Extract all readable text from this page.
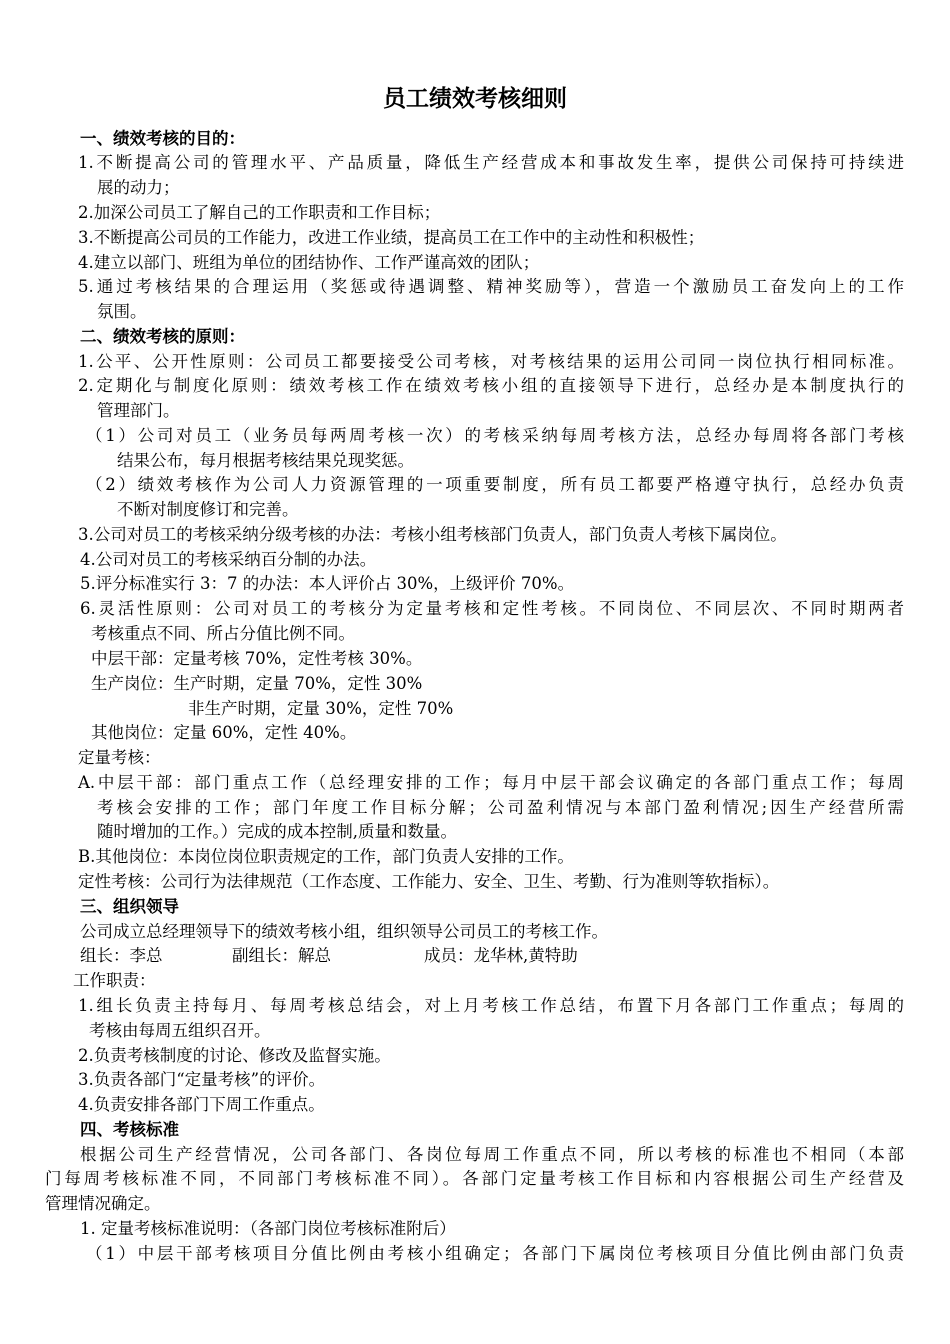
员工绩效考核细则
一、绩效考核的目的：
1.不断提高公司的管理水平、产品质量，降低生产经营成本和事故发生率，提供公司保持可持续进
展的动力；
2.加深公司员工了解自己的工作职责和工作目标；
3.不断提高公司员的工作能力，改进工作业绩，提高员工在工作中的主动性和积极性；
4.建立以部门、班组为单位的团结协作、工作严谨高效的团队；
5.通过考核结果的合理运用（奖惩或待遇调整、精神奖励等），营造一个激励员工奋发向上的工作
氛围。
二、绩效考核的原则：
1.公平、公开性原则：公司员工都要接受公司考核，对考核结果的运用公司同一岗位执行相同标准。
2.定期化与制度化原则：绩效考核工作在绩效考核小组的直接领导下进行，总经办是本制度执行的
管理部门。
（1）公司对员工（业务员每两周考核一次）的考核采纳每周考核方法，总经办每周将各部门考核
结果公布，每月根据考核结果兑现奖惩。
（2）绩效考核作为公司人力资源管理的一项重要制度，所有员工都要严格遵守执行，总经办负责
不断对制度修订和完善。
3.公司对员工的考核采纳分级考核的办法：考核小组考核部门负责人，部门负责人考核下属岗位。
4.公司对员工的考核采纳百分制的办法。
5.评分标准实行 3：7 的办法：本人评价占 30%，上级评价 70%。
6.灵活性原则：公司对员工的考核分为定量考核和定性考核。不同岗位、不同层次、不同时期两者
考核重点不同、所占分值比例不同。
中层干部：定量考核 70%，定性考核 30%。
生产岗位：生产时期，定量 70%，定性 30%
非生产时期，定量 30%，定性 70%
其他岗位：定量 60%，定性 40%。
定量考核：
A.中层干部：部门重点工作（总经理安排的工作；每月中层干部会议确定的各部门重点工作；每周
考核会安排的工作；部门年度工作目标分解；公司盈利情况与本部门盈利情况;因生产经营所需
随时增加的工作。）完成的成本控制,质量和数量。
B.其他岗位：本岗位岗位职责规定的工作，部门负责人安排的工作。
定性考核：公司行为法律规范（工作态度、工作能力、安全、卫生、考勤、行为准则等软指标）。
三、组织领导
公司成立总经理领导下的绩效考核小组，组织领导公司员工的考核工作。
组长：李总	副组长：解总	成员：龙华林,黄特助
工作职责：
1.组长负责主持每月、每周考核总结会，对上月考核工作总结，布置下月各部门工作重点；每周的
考核由每周五组织召开。
2.负责考核制度的讨论、修改及监督实施。
3.负责各部门“定量考核”的评价。
4.负责安排各部门下周工作重点。
四、考核标准
根据公司生产经营情况，公司各部门、各岗位每周工作重点不同，所以考核的标准也不相同（本部
门每周考核标准不同，不同部门考核标准不同）。各部门定量考核工作目标和内容根据公司生产经营及
管理情况确定。
1. 定量考核标准说明：（各部门岗位考核标准附后）
（1）中层干部考核项目分值比例由考核小组确定；各部门下属岗位考核项目分值比例由部门负责
